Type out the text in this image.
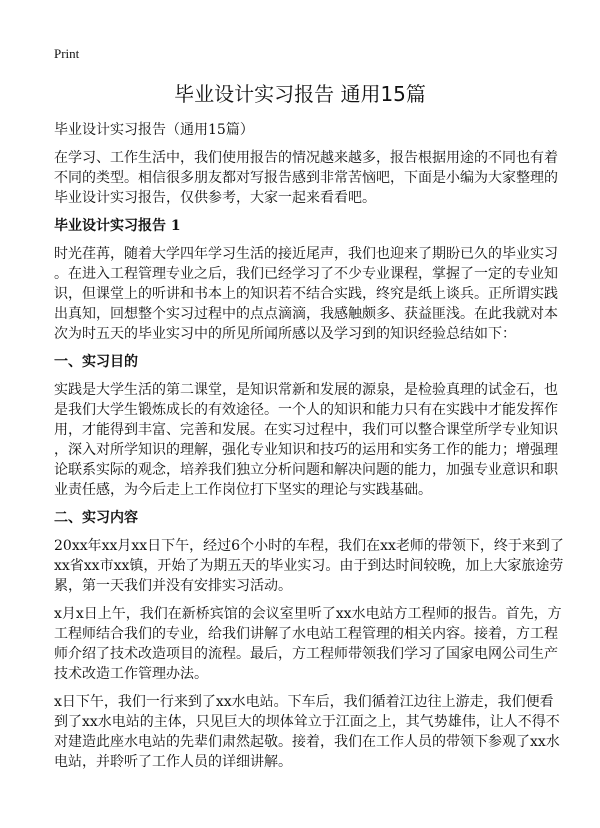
Print
毕业设计实习报告 通用15篇
毕业设计实习报告（通用15篇）
在学习、工作生活中，我们使用报告的情况越来越多，报告根据用途的不同也有着
不同的类型。相信很多朋友都对写报告感到非常苦恼吧，下面是小编为大家整理的
毕业设计实习报告，仅供参考，大家一起来看看吧。
毕业设计实习报告 1
时光荏苒，随着大学四年学习生活的接近尾声，我们也迎来了期盼已久的毕业实习
。在进入工程管理专业之后，我们已经学习了不少专业课程，掌握了一定的专业知
识，但课堂上的听讲和书本上的知识若不结合实践，终究是纸上谈兵。正所谓实践
出真知，回想整个实习过程中的点点滴滴，我感触颇多、获益匪浅。在此我就对本
次为时五天的毕业实习中的所见所闻所感以及学习到的知识经验总结如下：
一、实习目的
实践是大学生活的第二课堂，是知识常新和发展的源泉，是检验真理的试金石，也
是我们大学生锻炼成长的有效途径。一个人的知识和能力只有在实践中才能发挥作
用，才能得到丰富、完善和发展。在实习过程中，我们可以整合课堂所学专业知识
，深入对所学知识的理解，强化专业知识和技巧的运用和实务工作的能力；增强理
论联系实际的观念，培养我们独立分析问题和解决问题的能力，加强专业意识和职
业责任感，为今后走上工作岗位打下坚实的理论与实践基础。
二、实习内容
20xx年xx月xx日下午，经过6个小时的车程，我们在xx老师的带领下，终于来到了
xx省xx市xx镇，开始了为期五天的毕业实习。由于到达时间较晚，加上大家旅途劳
累，第一天我们并没有安排实习活动。
x月x日上午，我们在新桥宾馆的会议室里听了xx水电站方工程师的报告。首先，方
工程师结合我们的专业，给我们讲解了水电站工程管理的相关内容。接着，方工程
师介绍了技术改造项目的流程。最后，方工程师带领我们学习了国家电网公司生产
技术改造工作管理办法。
x日下午，我们一行来到了xx水电站。下车后，我们循着江边往上游走，我们便看
到了xx水电站的主体，只见巨大的坝体耸立于江面之上，其气势雄伟，让人不得不
对建造此座水电站的先辈们肃然起敬。接着，我们在工作人员的带领下参观了xx水
电站，并聆听了工作人员的详细讲解。
